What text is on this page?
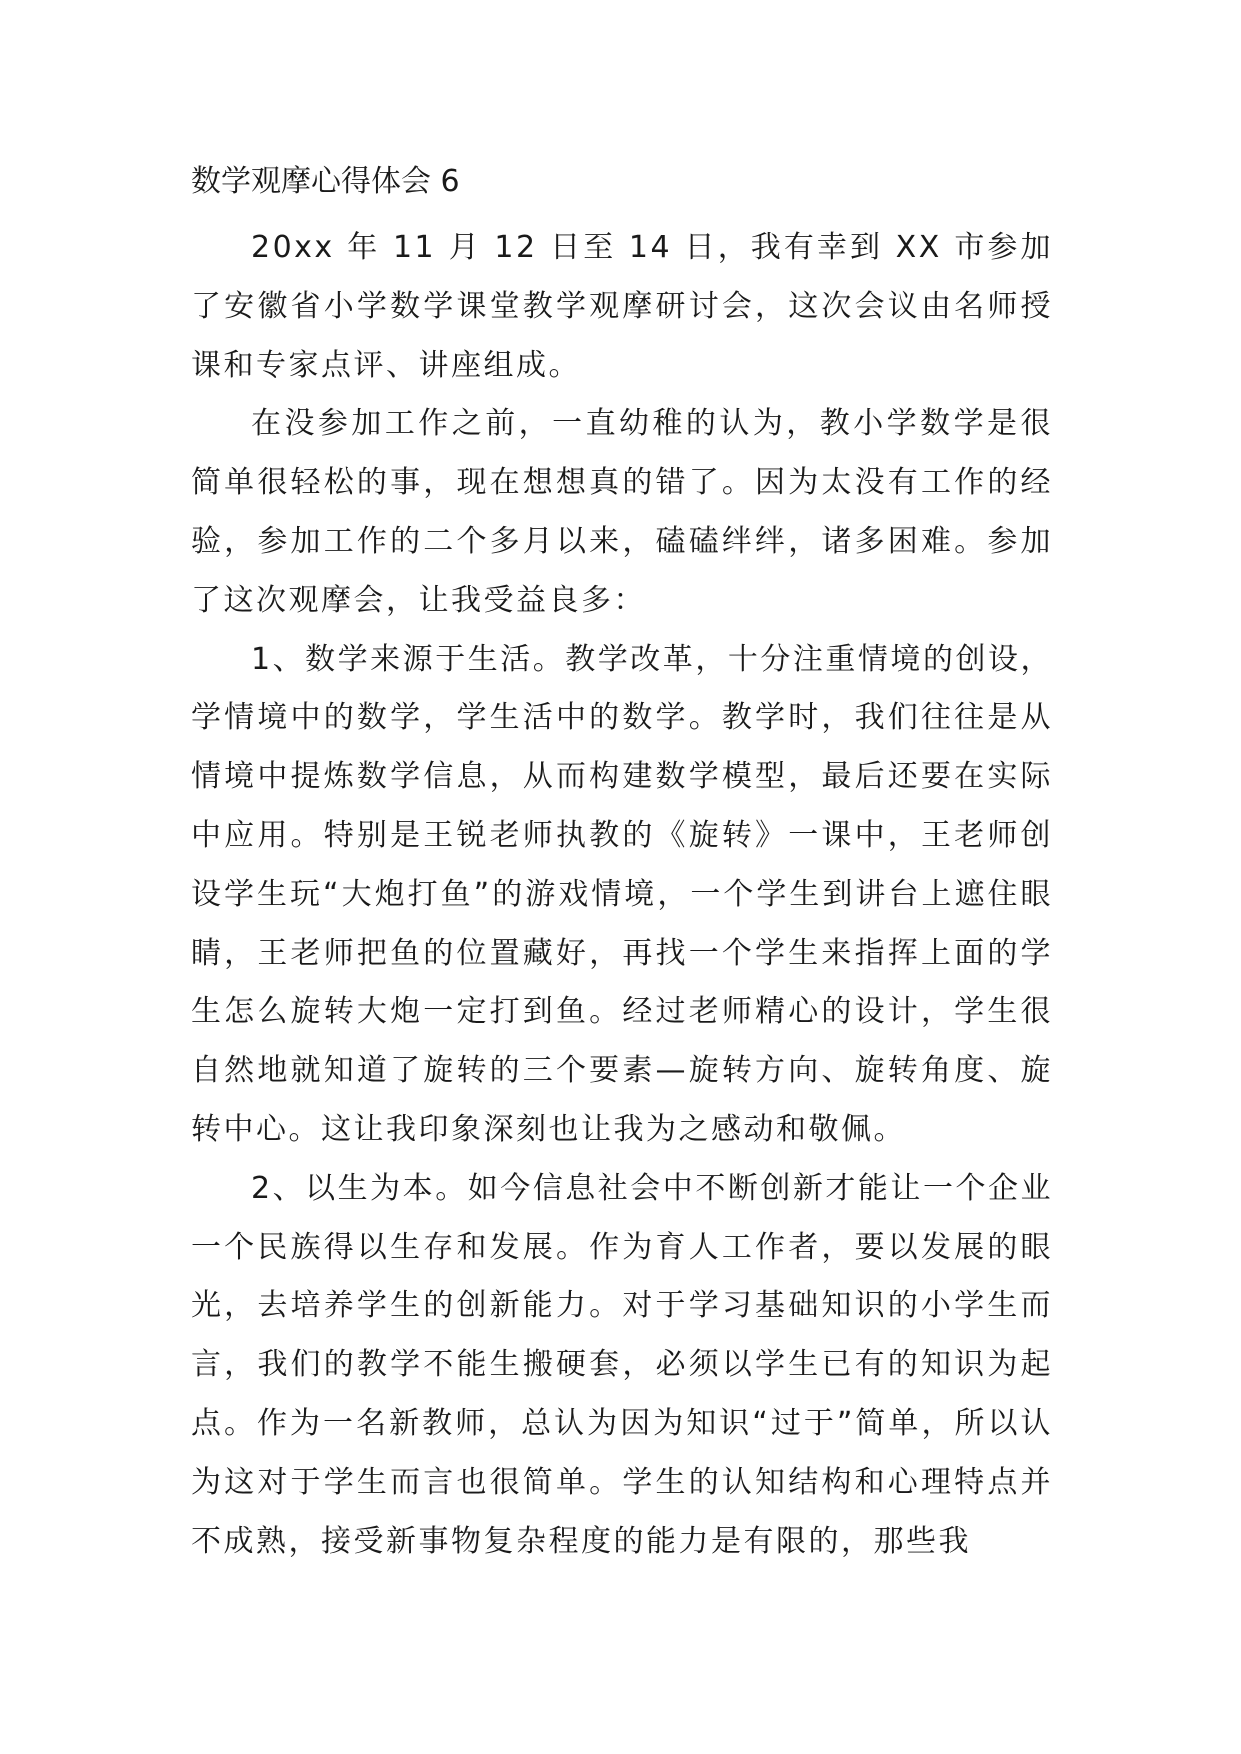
数学观摩心得体会 6

20xx 年 11 月 12 日至 14 日，我有幸到 XX 市参加了安徽省小学数学课堂教学观摩研讨会，这次会议由名师授课和专家点评、讲座组成。

在没参加工作之前，一直幼稚的认为，教小学数学是很简单很轻松的事，现在想想真的错了。因为太没有工作的经验，参加工作的二个多月以来，磕磕绊绊，诸多困难。参加了这次观摩会，让我受益良多：

1、数学来源于生活。教学改革，十分注重情境的创设，学情境中的数学，学生活中的数学。教学时，我们往往是从情境中提炼数学信息，从而构建数学模型，最后还要在实际中应用。特别是王锐老师执教的《旋转》一课中，王老师创设学生玩“大炮打鱼”的游戏情境，一个学生到讲台上遮住眼睛，王老师把鱼的位置藏好，再找一个学生来指挥上面的学生怎么旋转大炮一定打到鱼。经过老师精心的设计，学生很自然地就知道了旋转的三个要素—旋转方向、旋转角度、旋转中心。这让我印象深刻也让我为之感动和敬佩。

2、以生为本。如今信息社会中不断创新才能让一个企业一个民族得以生存和发展。作为育人工作者，要以发展的眼光，去培养学生的创新能力。对于学习基础知识的小学生而言，我们的教学不能生搬硬套，必须以学生已有的知识为起点。作为一名新教师，总认为因为知识“过于”简单，所以认为这对于学生而言也很简单。学生的认知结构和心理特点并不成熟，接受新事物复杂程度的能力是有限的，那些我
